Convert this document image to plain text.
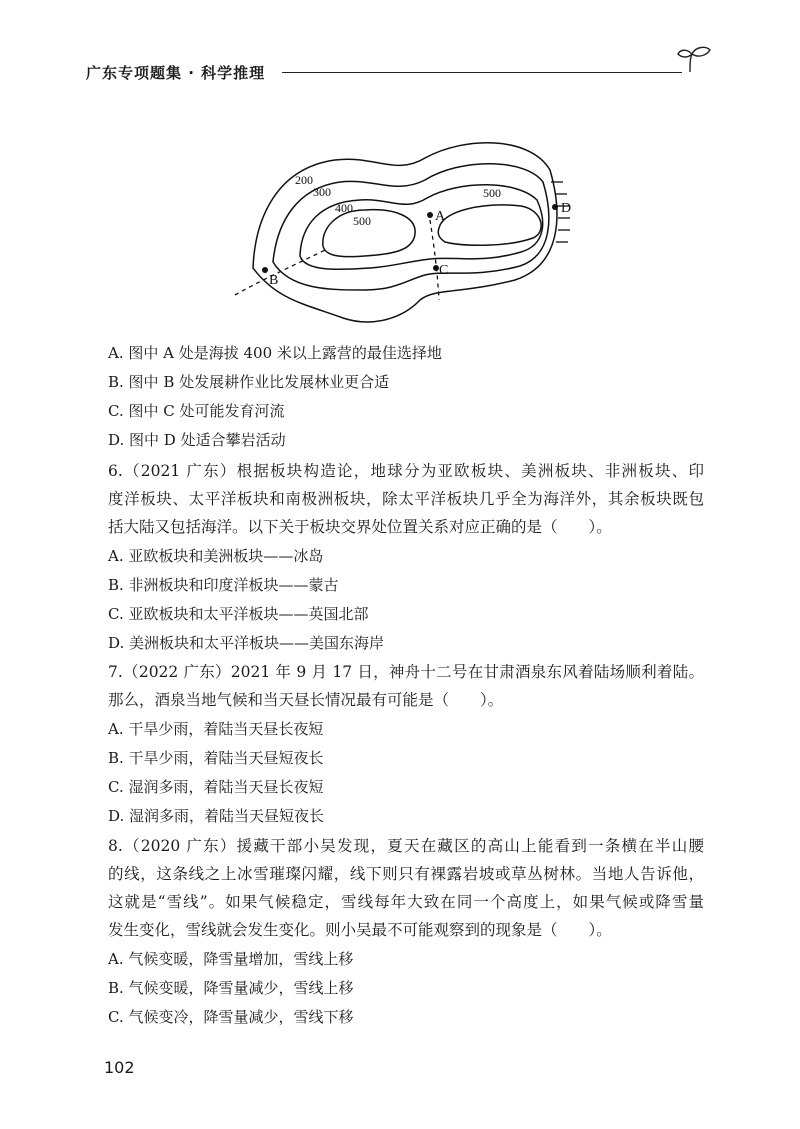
广东专项题集 · 科学推理
200
300
400
500
500
A
B
C
D
A. 图中 A 处是海拔 400 米以上露营的最佳选择地
B. 图中 B 处发展耕作业比发展林业更合适
C. 图中 C 处可能发育河流
D. 图中 D 处适合攀岩活动
6.（2021 广东）根据板块构造论，地球分为亚欧板块、美洲板块、非洲板块、印
度洋板块、太平洋板块和南极洲板块，除太平洋板块几乎全为海洋外，其余板块既包
括大陆又包括海洋。以下关于板块交界处位置关系对应正确的是（　　）。
A. 亚欧板块和美洲板块——冰岛
B. 非洲板块和印度洋板块——蒙古
C. 亚欧板块和太平洋板块——英国北部
D. 美洲板块和太平洋板块——美国东海岸
7.（2022 广东）2021 年 9 月 17 日，神舟十二号在甘肃酒泉东风着陆场顺利着陆。
那么，酒泉当地气候和当天昼长情况最有可能是（　　）。
A. 干旱少雨，着陆当天昼长夜短
B. 干旱少雨，着陆当天昼短夜长
C. 湿润多雨，着陆当天昼长夜短
D. 湿润多雨，着陆当天昼短夜长
8.（2020 广东）援藏干部小吴发现，夏天在藏区的高山上能看到一条横在半山腰
的线，这条线之上冰雪璀璨闪耀，线下则只有裸露岩坡或草丛树林。当地人告诉他，
这就是“雪线”。如果气候稳定，雪线每年大致在同一个高度上，如果气候或降雪量
发生变化，雪线就会发生变化。则小吴最不可能观察到的现象是（　　）。
A. 气候变暖，降雪量增加，雪线上移
B. 气候变暖，降雪量减少，雪线上移
C. 气候变冷，降雪量减少，雪线下移
102
